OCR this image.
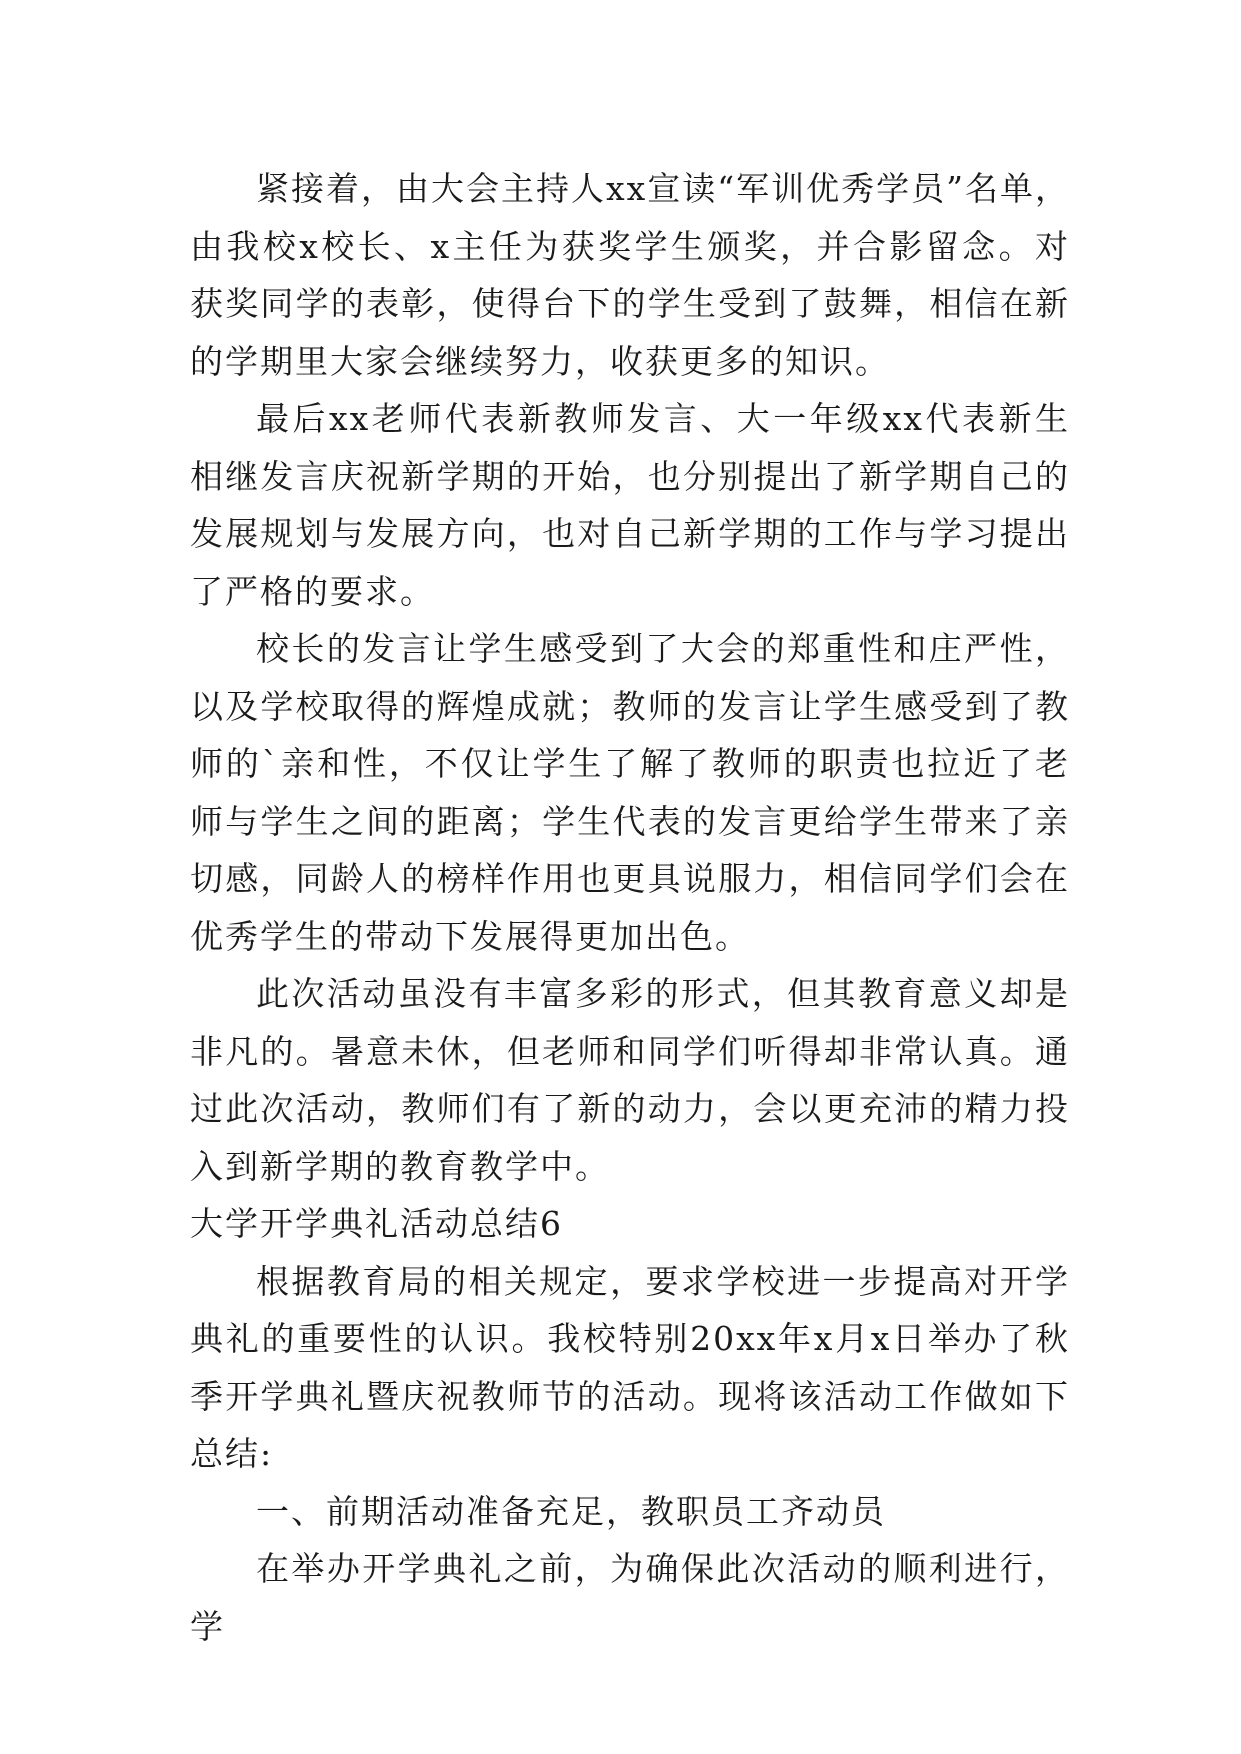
紧接着，由大会主持人xx宣读“军训优秀学员”名单，由我校x校长、x主任为获奖学生颁奖，并合影留念。对获奖同学的表彰，使得台下的学生受到了鼓舞，相信在新的学期里大家会继续努力，收获更多的知识。

最后xx老师代表新教师发言、大一年级xx代表新生相继发言庆祝新学期的开始，也分别提出了新学期自己的发展规划与发展方向，也对自己新学期的工作与学习提出了严格的要求。

校长的发言让学生感受到了大会的郑重性和庄严性，以及学校取得的辉煌成就；教师的发言让学生感受到了教师的`亲和性，不仅让学生了解了教师的职责也拉近了老师与学生之间的距离；学生代表的发言更给学生带来了亲切感，同龄人的榜样作用也更具说服力，相信同学们会在优秀学生的带动下发展得更加出色。

此次活动虽没有丰富多彩的形式，但其教育意义却是非凡的。暑意未休，但老师和同学们听得却非常认真。通过此次活动，教师们有了新的动力，会以更充沛的精力投入到新学期的教育教学中。

大学开学典礼活动总结6

根据教育局的相关规定，要求学校进一步提高对开学典礼的重要性的认识。我校特别20xx年x月x日举办了秋季开学典礼暨庆祝教师节的活动。现将该活动工作做如下总结:

一、前期活动准备充足，教职员工齐动员

在举办开学典礼之前，为确保此次活动的顺利进行，学
